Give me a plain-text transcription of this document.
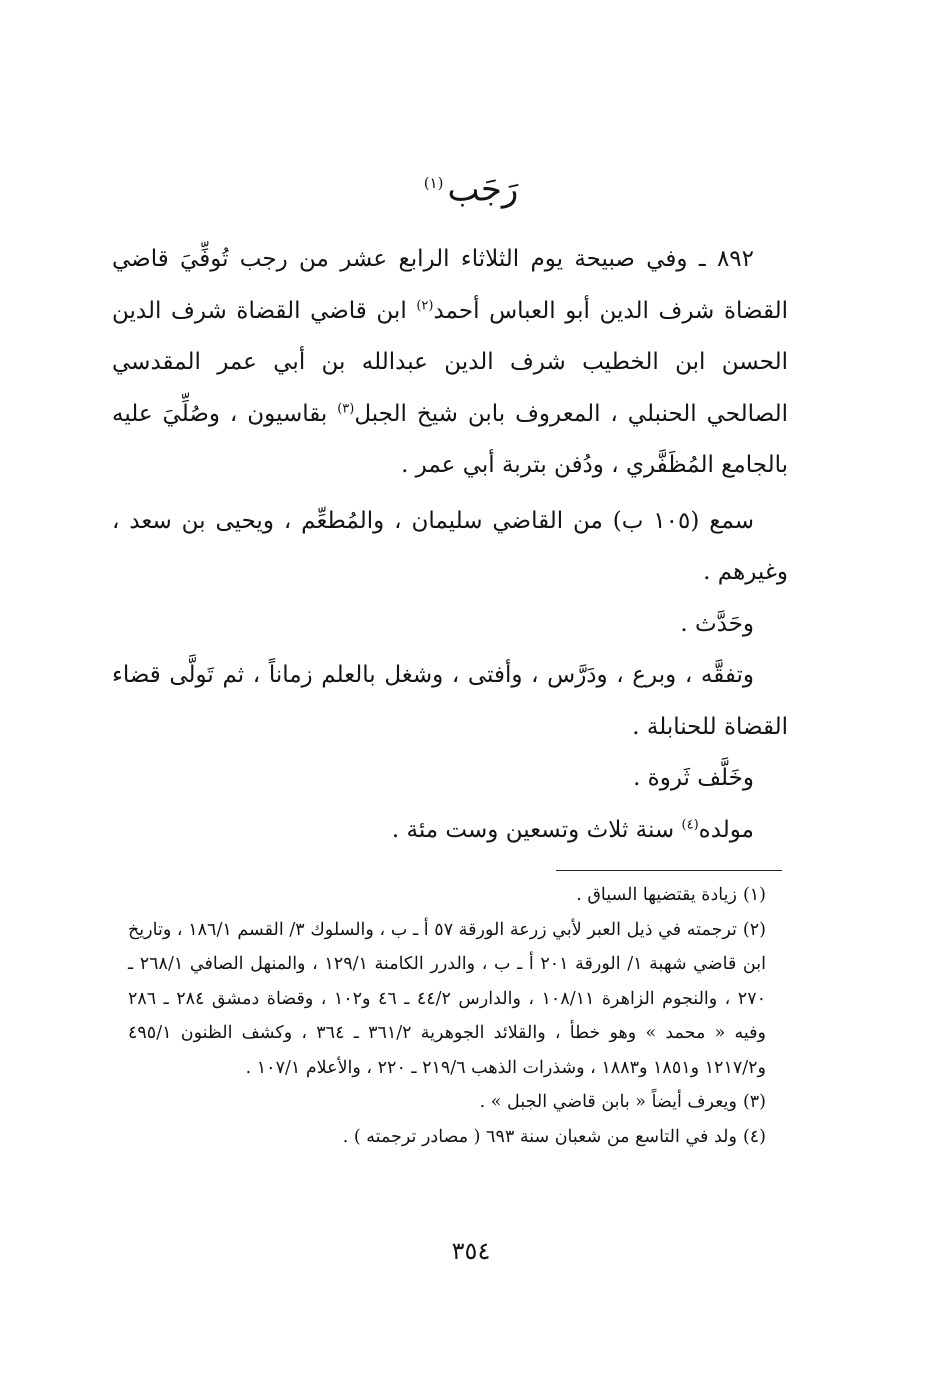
رَجَب$^{(١)}$

٨٩٢ ـ وفي صبيحة يوم الثلاثاء الرابع عشر من رجب تُوفِّيَ قاضي القضاة شرف الدين أبو العباس أحمد$^{(٢)}$ ابن قاضي القضاة شرف الدين الحسن ابن الخطيب شرف الدين عبدالله بن أبي عمر المقدسي الصالحي الحنبلي ، المعروف بابن شيخ الجبل$^{(٣)}$ بقاسيون ، وصُلِّيَ عليه بالجامع المُظَفَّري ، ودُفن بتربة أبي عمر .

سمع (١٠٥ ب) من القاضي سليمان ، والمُطعِّم ، ويحيى بن سعد ، وغيرهم .

وحَدَّث .

وتفقَّه ، وبرع ، ودَرَّس ، وأفتى ، وشغل بالعلم زماناً ، ثم تَولَّى قضاء القضاة للحنابلة .

وخَلَّف ثَروة .

مولده$^{(٤)}$ سنة ثلاث وتسعين وست مئة .

(١)زيادة يقتضيها السياق .

(٢)ترجمته في ذيل العبر لأبي زرعة الورقة ٥٧ أ ـ ب ، والسلوك ٣/ القسم ١٨٦/١ ، وتاريخ ابن قاضي شهبة ١/ الورقة ٢٠١ أ ـ ب ، والدرر الكامنة ١٢٩/١ ، والمنهل الصافي ٢٦٨/١ ـ ٢٧٠ ، والنجوم الزاهرة ١٠٨/١١ ، والدارس ٤٤/٢ ـ ٤٦ و١٠٢ ، وقضاة دمشق ٢٨٤ ـ ٢٨٦ وفيه « محمد » وهو خطأ ، والقلائد الجوهرية ٣٦١/٢ ـ ٣٦٤ ، وكشف الظنون ٤٩٥/١ و١٢١٧/٢ و١٨٥١ و١٨٨٣ ، وشذرات الذهب ٢١٩/٦ ـ ٢٢٠ ، والأعلام ١٠٧/١ .

(٣)ويعرف أيضاً « بابن قاضي الجبل » .

(٤)ولد في التاسع من شعبان سنة ٦٩٣ ( مصادر ترجمته ) .

٣٥٤
